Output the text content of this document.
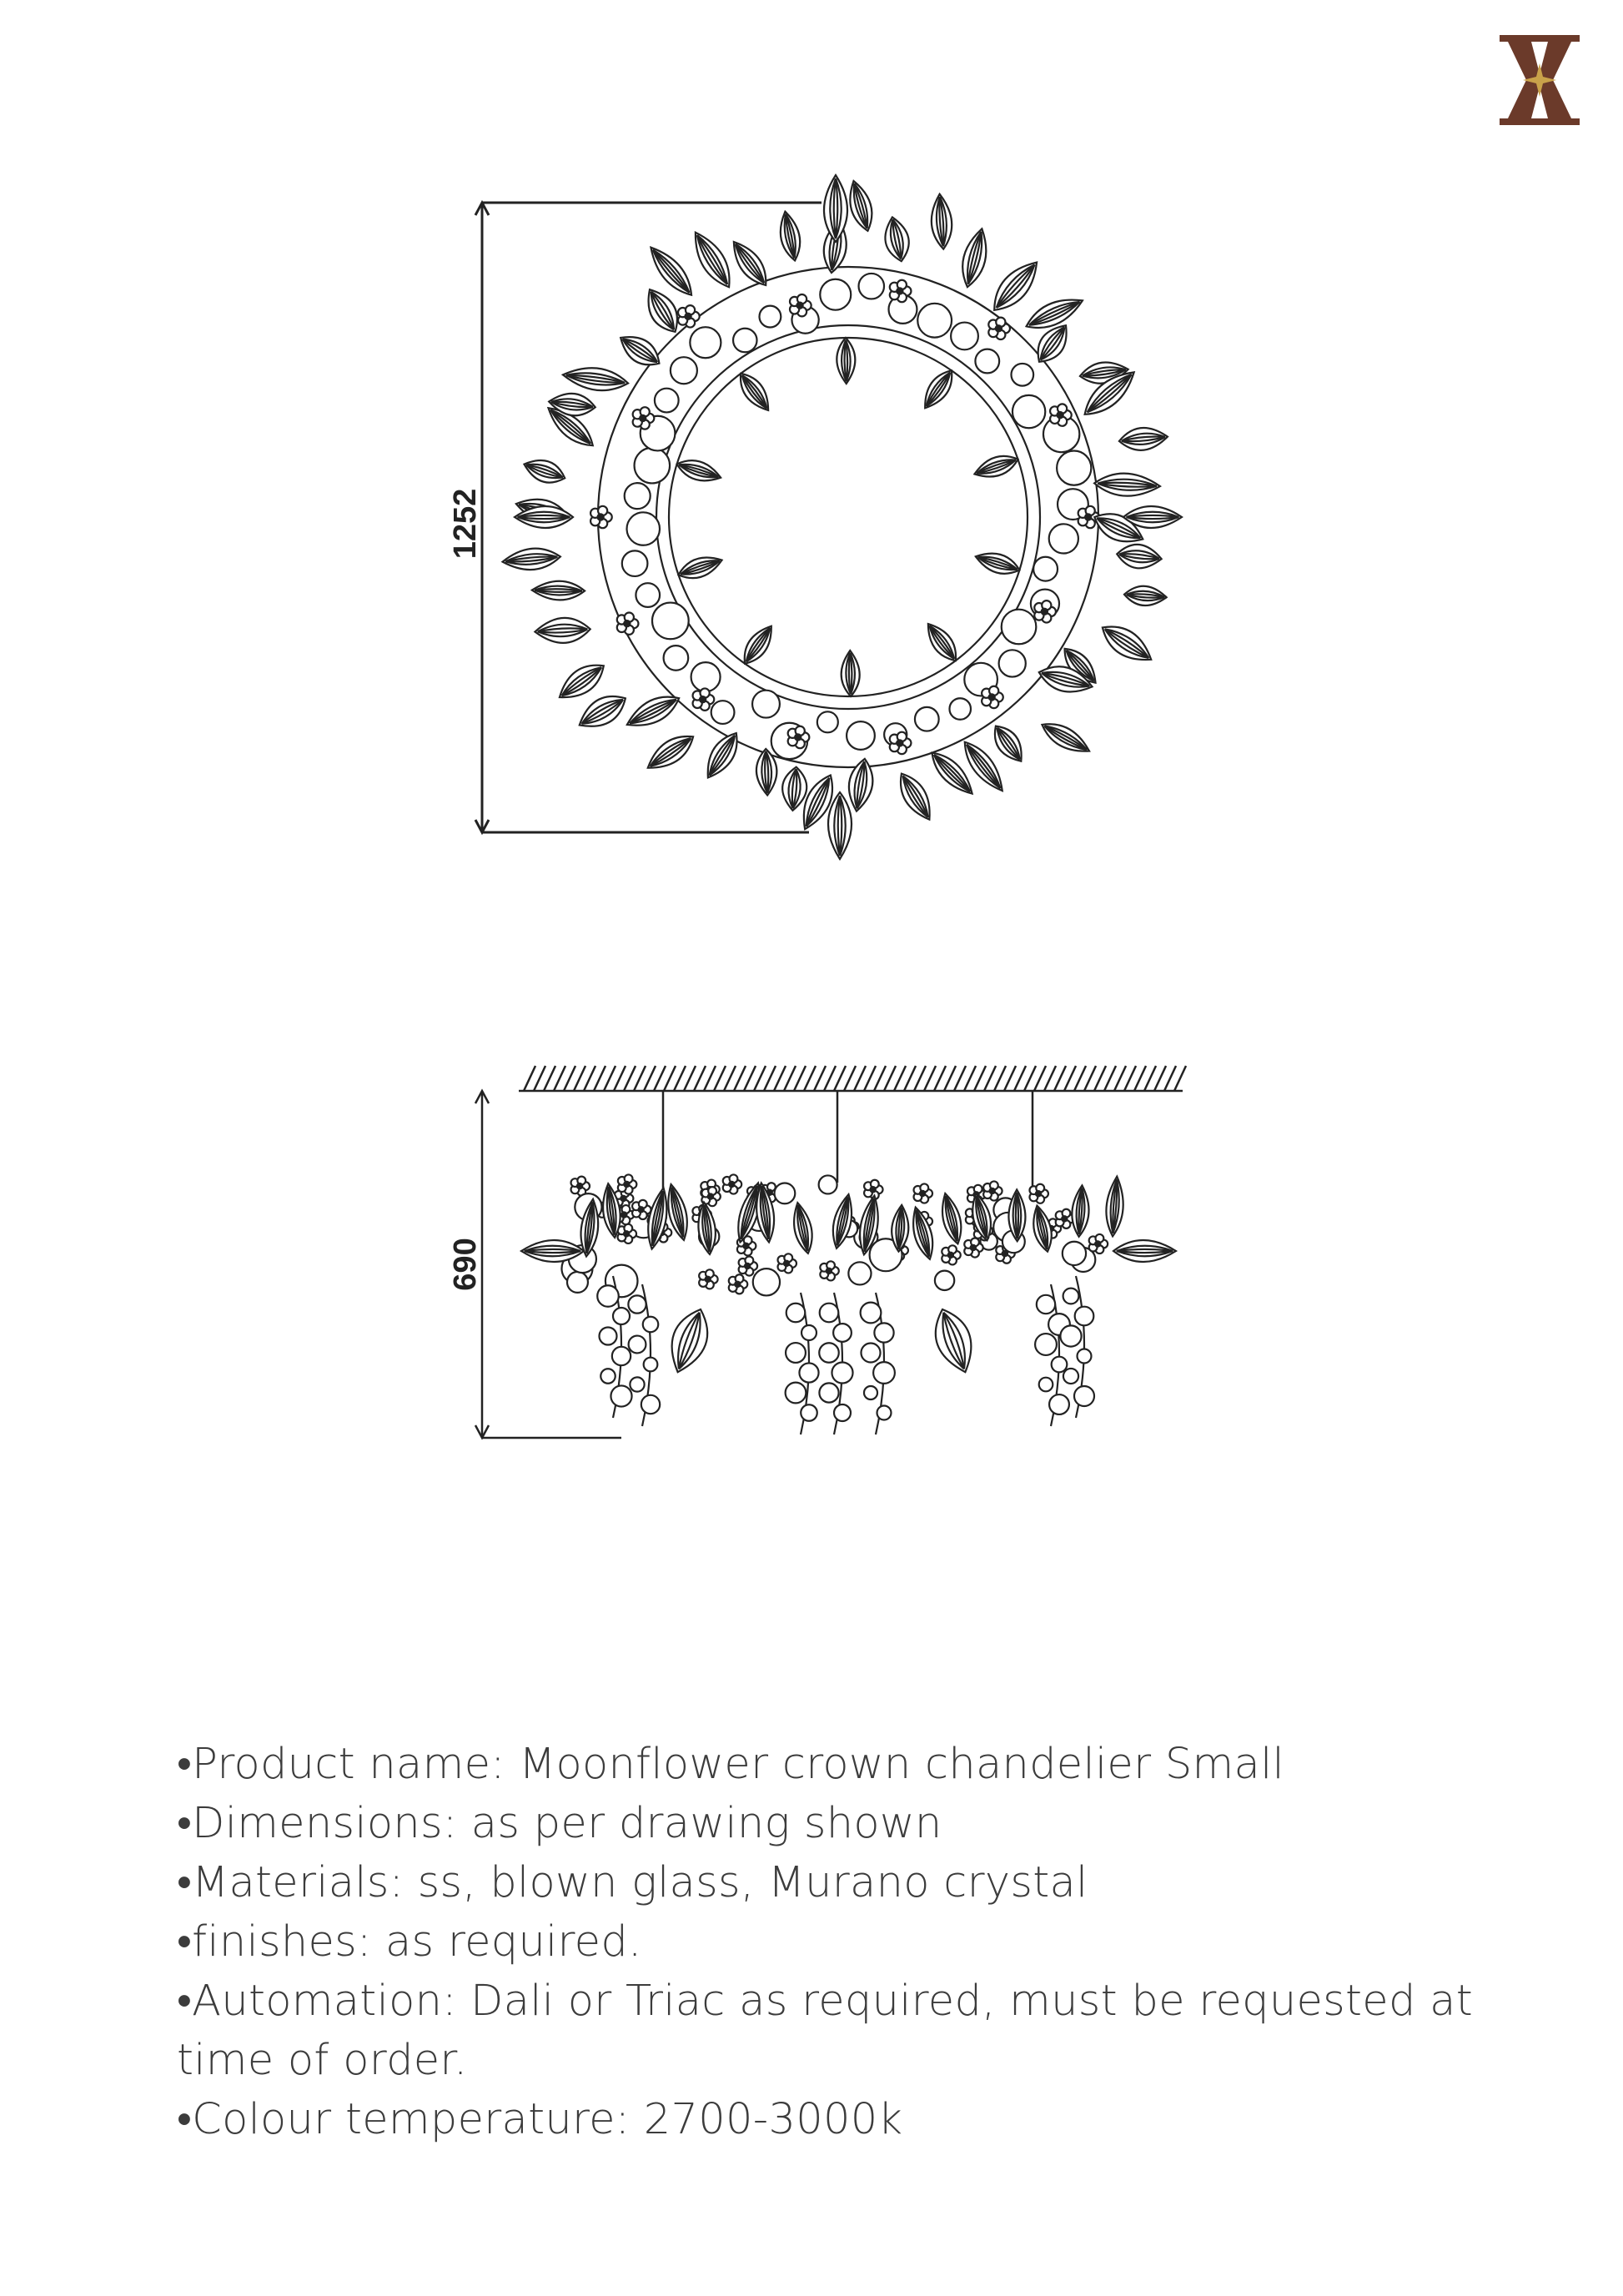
1252
690
•Product name: Moonflower crown chandelier Small
•Dimensions: as per drawing shown
•Materials: ss, blown glass, Murano crystal
•finishes: as required.
•Automation: Dali or Triac as required, must be requested at time of order.
•Colour temperature: 2700-3000k
